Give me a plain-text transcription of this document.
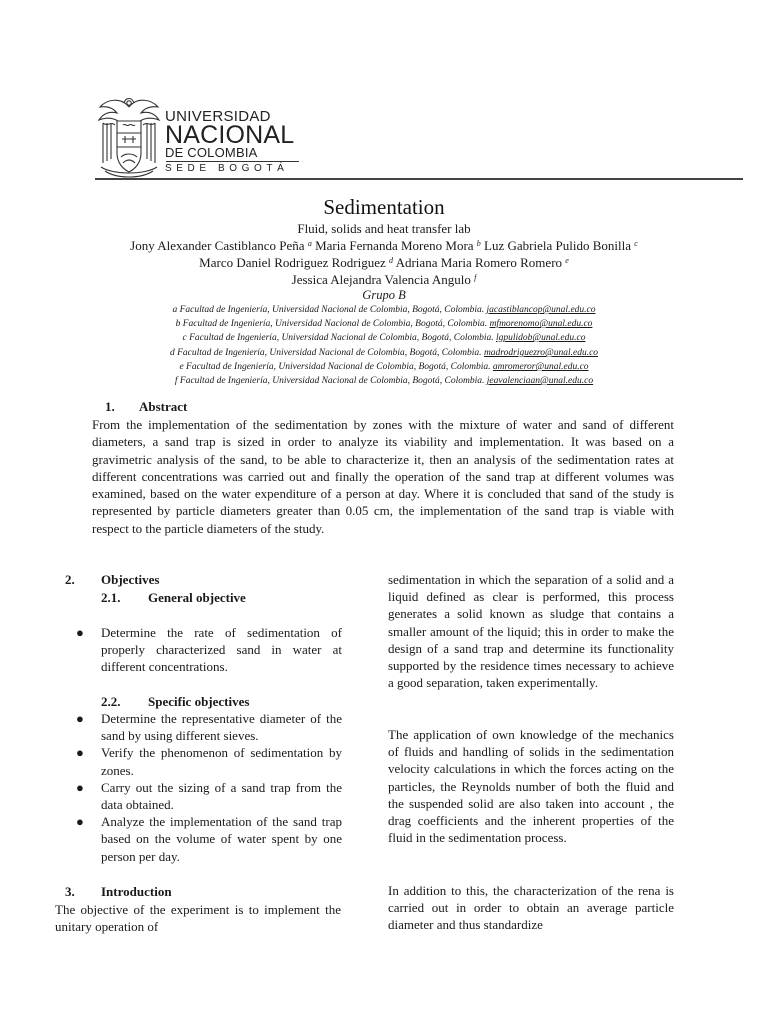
UNIVERSIDAD
NACIONAL
DE COLOMBIA
SEDE BOGOTÁ
Sedimentation
Fluid, solids and heat transfer lab
Jony Alexander Castiblanco Peña $^a$ Maria Fernanda Moreno Mora $^b$ Luz Gabriela Pulido Bonilla $^c$
Marco Daniel Rodriguez Rodriguez $^d$ Adriana Maria Romero Romero $^e$
Jessica Alejandra Valencia Angulo $^f$
Grupo B
a Facultad de Ingeniería, Universidad Nacional de Colombia, Bogotá, Colombia. jacastiblancop@unal.edu.co
b Facultad de Ingeniería, Universidad Nacional de Colombia, Bogotá, Colombia. mfmorenomo@unal.edu.co
c Facultad de Ingeniería, Universidad Nacional de Colombia, Bogotá, Colombia. lgpulidob@unal.edu.co
d Facultad de Ingeniería, Universidad Nacional de Colombia, Bogotá, Colombia. madrodriguezro@unal.edu.co
e Facultad de Ingeniería, Universidad Nacional de Colombia, Bogotá, Colombia. amromeror@unal.edu.co
f Facultad de Ingeniería, Universidad Nacional de Colombia, Bogotá, Colombia. jeavalenciaan@unal.edu.co
1. Abstract

From the implementation of the sedimentation by zones with the mixture of water and sand of different diameters, a sand trap is sized in order to analyze its viability and implementation. It was based on a gravimetric analysis of the sand, to be able to characterize it, then an analysis of the sedimentation rates at different concentrations was carried out and finally the operation of the sand trap at different volumes was examined, based on the water expenditure of a person at day. Where it is concluded that sand of the study is represented by particle diameters greater than 0.05 cm, the implementation of the sand trap is viable with respect to the particle diameters of the study.

2. Objectives
2.1. General objective
● Determine the rate of sedimentation of properly characterized sand in water at different concentrations.
2.2. Specific objectives
● Determine the representative diameter of the sand by using different sieves.
● Verify the phenomenon of sedimentation by zones.
● Carry out the sizing of a sand trap from the data obtained.
● Analyze the implementation of the sand trap based on the volume of water spent by one person per day.
3. Introduction

The objective of the experiment is to implement the unitary operation of

sedimentation in which the separation of a solid and a liquid defined as clear is performed, this process generates a solid known as sludge that contains a smaller amount of the liquid; this in order to make the design of a sand trap and determine its functionality supported by the residence times necessary to achieve a good separation, taken experimentally.

The application of own knowledge of the mechanics of fluids and handling of solids in the sedimentation velocity calculations in which the forces acting on the particles, the Reynolds number of both the fluid and the suspended solid are also taken into account , the drag coefficients and the inherent properties of the fluid in the sedimentation process.

In addition to this, the characterization of the rena is carried out in order to obtain an average particle diameter and thus standardize
